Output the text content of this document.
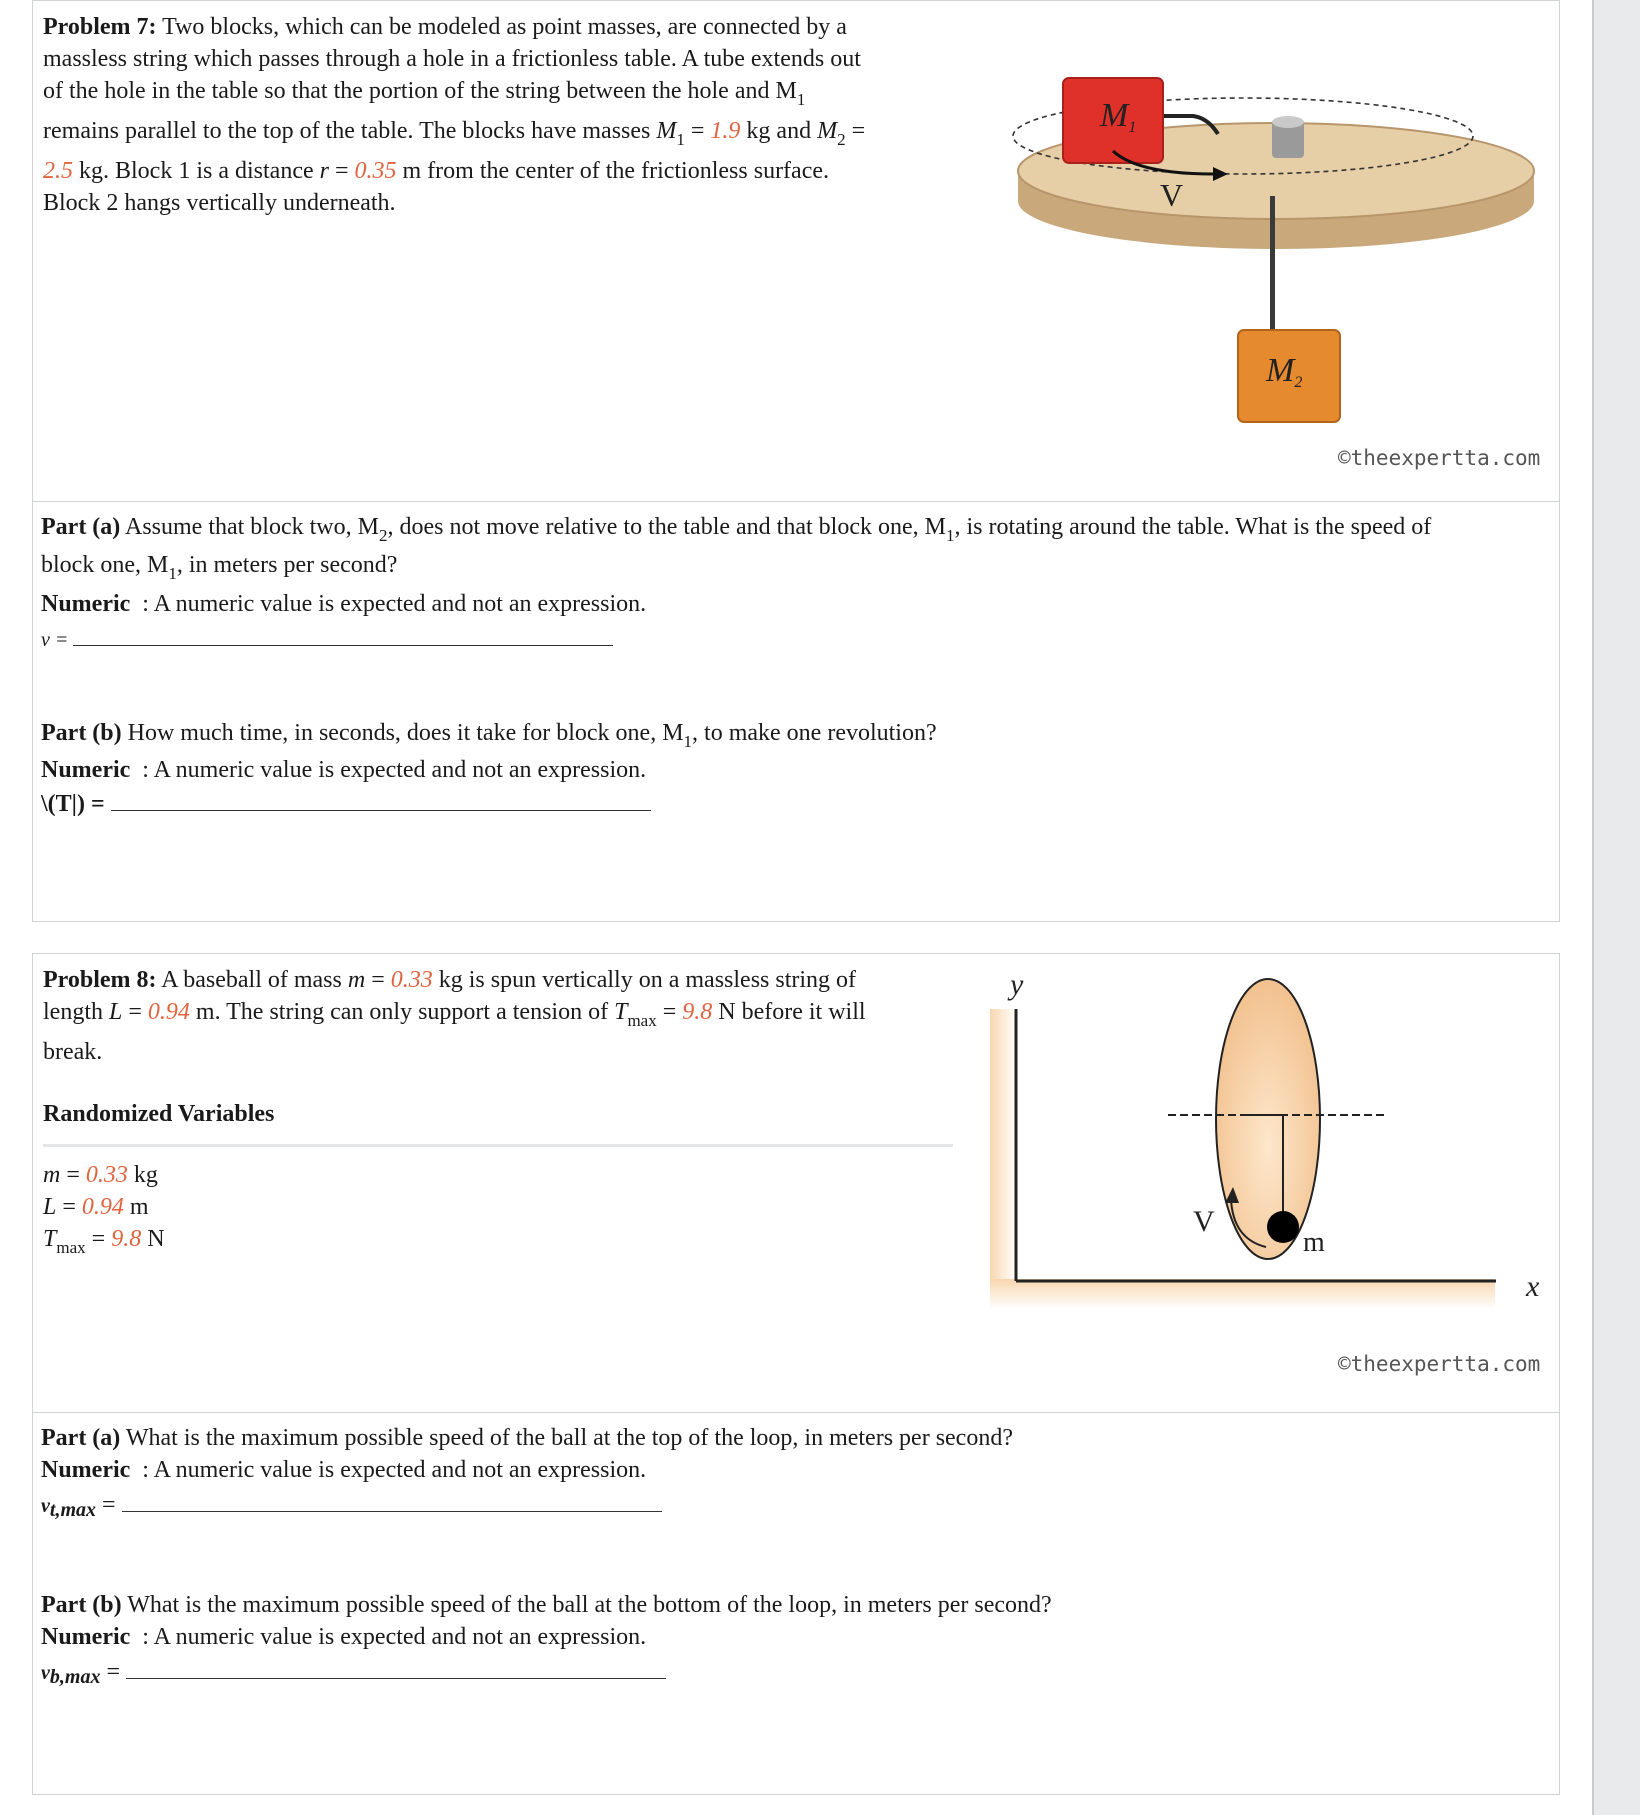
Problem 7: Two blocks, which can be modeled as point masses, are connected by a
massless string which passes through a hole in a frictionless table. A tube extends out
of the hole in the table so that the portion of the string between the hole and $M_1$
remains parallel to the top of the table. The blocks have masses $M_1 = 1.9$ kg and $M_2$ =
2.5 kg. Block 1 is a distance r = 0.35 m from the center of the frictionless surface.
Block 2 hangs vertically underneath.
M1
V
M2
©theexpertta.com
Part (a) Assume that block two, $M_2$, does not move relative to the table and that block one, $M_1$, is rotating around the table. What is the speed of
block one, $M_1$, in meters per second?
Numeric : A numeric value is expected and not an expression.
v =
Part (b) How much time, in seconds, does it take for block one, $M_1$, to make one revolution?
Numeric : A numeric value is expected and not an expression.
\(T|) =
Problem 8: A baseball of mass m = 0.33 kg is spun vertically on a massless string of
length L = 0.94 m. The string can only support a tension of $T_{max} = 9.8$ N before it will
break.
Randomized Variables
m = 0.33 kg
L = 0.94 m
$T_{max} = 9.8$ N
y
x
V
m
©theexpertta.com
Part (a) What is the maximum possible speed of the ball at the top of the loop, in meters per second?
Numeric : A numeric value is expected and not an expression.
vt,max =
Part (b) What is the maximum possible speed of the ball at the bottom of the loop, in meters per second?
Numeric : A numeric value is expected and not an expression.
vb,max =
